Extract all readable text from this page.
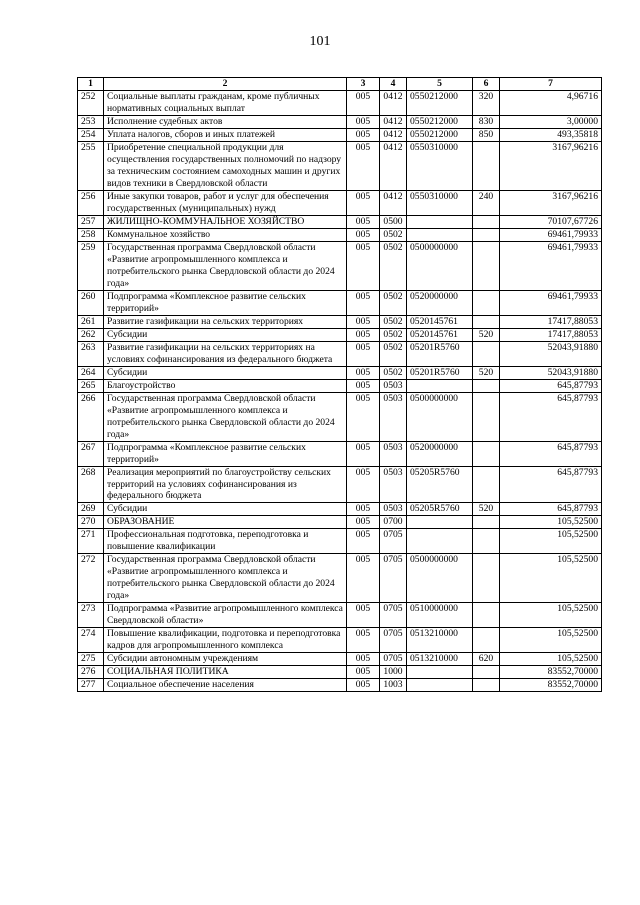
101
1	2	3	4	5	6	7
252	Социальные выплаты гражданам, кроме публичных нормативных социальных выплат	005	0412	0550212000	320	4,96716
253	Исполнение судебных актов	005	0412	0550212000	830	3,00000
254	Уплата налогов, сборов и иных платежей	005	0412	0550212000	850	493,35818
255	Приобретение специальной продукции для осуществления государственных полномочий по надзору за техническим состоянием самоходных машин и других видов техники в Свердловской области	005	0412	0550310000		3167,96216
256	Иные закупки товаров, работ и услуг для обеспечения государственных (муниципальных) нужд	005	0412	0550310000	240	3167,96216
257	ЖИЛИЩНО-КОММУНАЛЬНОЕ ХОЗЯЙСТВО	005	0500			70107,67726
258	Коммунальное хозяйство	005	0502			69461,79933
259	Государственная программа Свердловской области «Развитие агропромышленного комплекса и потребительского рынка Свердловской области до 2024 года»	005	0502	0500000000		69461,79933
260	Подпрограмма «Комплексное развитие сельских территорий»	005	0502	0520000000		69461,79933
261	Развитие газификации на сельских территориях	005	0502	0520145761		17417,88053
262	Субсидии	005	0502	0520145761	520	17417,88053
263	Развитие газификации на сельских территориях на условиях софинансирования из федерального бюджета	005	0502	05201R5760		52043,91880
264	Субсидии	005	0502	05201R5760	520	52043,91880
265	Благоустройство	005	0503			645,87793
266	Государственная программа Свердловской области «Развитие агропромышленного комплекса и потребительского рынка Свердловской области до 2024 года»	005	0503	0500000000		645,87793
267	Подпрограмма «Комплексное развитие сельских территорий»	005	0503	0520000000		645,87793
268	Реализация мероприятий по благоустройству сельских территорий на условиях софинансирования из федерального бюджета	005	0503	05205R5760		645,87793
269	Субсидии	005	0503	05205R5760	520	645,87793
270	ОБРАЗОВАНИЕ	005	0700			105,52500
271	Профессиональная подготовка, переподготовка и повышение квалификации	005	0705			105,52500
272	Государственная программа Свердловской области «Развитие агропромышленного комплекса и потребительского рынка Свердловской области до 2024 года»	005	0705	0500000000		105,52500
273	Подпрограмма «Развитие агропромышленного комплекса Свердловской области»	005	0705	0510000000		105,52500
274	Повышение квалификации, подготовка и переподготовка кадров для агропромышленного комплекса	005	0705	0513210000		105,52500
275	Субсидии автономным учреждениям	005	0705	0513210000	620	105,52500
276	СОЦИАЛЬНАЯ ПОЛИТИКА	005	1000			83552,70000
277	Социальное обеспечение населения	005	1003			83552,70000
